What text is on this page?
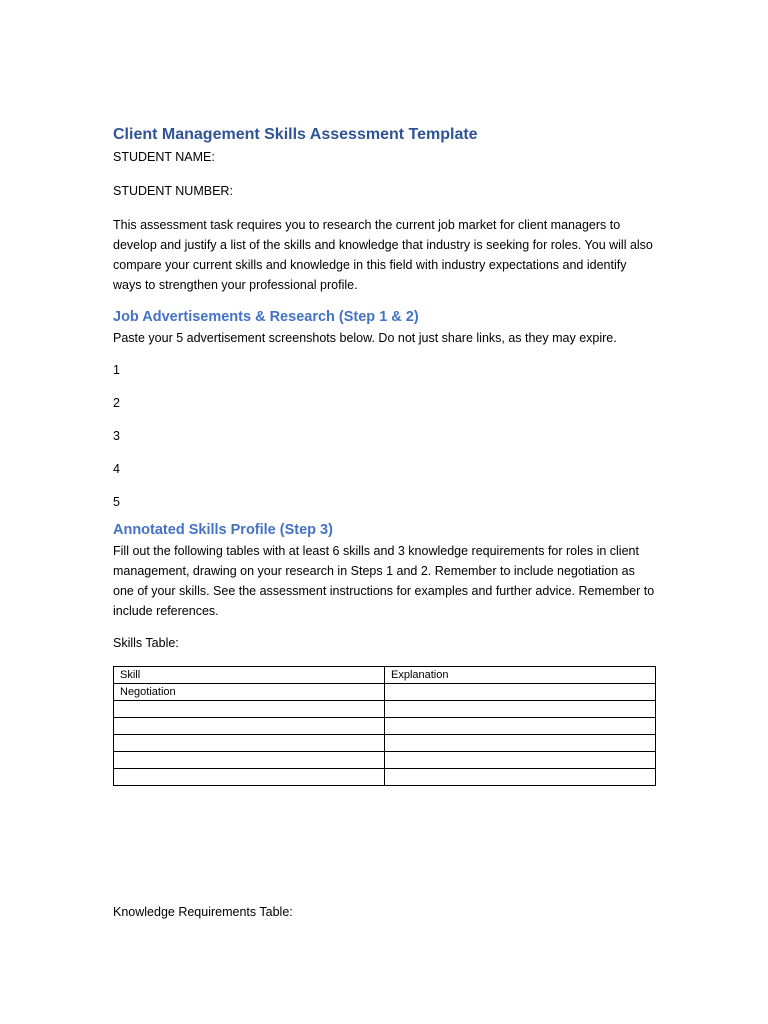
Client Management Skills Assessment Template
STUDENT NAME:
STUDENT NUMBER:
This assessment task requires you to research the current job market for client managers to develop and justify a list of the skills and knowledge that industry is seeking for roles. You will also compare your current skills and knowledge in this field with industry expectations and identify ways to strengthen your professional profile.
Job Advertisements & Research (Step 1 & 2)
Paste your 5 advertisement screenshots below. Do not just share links, as they may expire.
1
2
3
4
5
Annotated Skills Profile (Step 3)
Fill out the following tables with at least 6 skills and 3 knowledge requirements for roles in client management, drawing on your research in Steps 1 and 2. Remember to include negotiation as one of your skills. See the assessment instructions for examples and further advice. Remember to include references.
Skills Table:
Skill	Explanation
Negotiation	

Knowledge Requirements Table:
